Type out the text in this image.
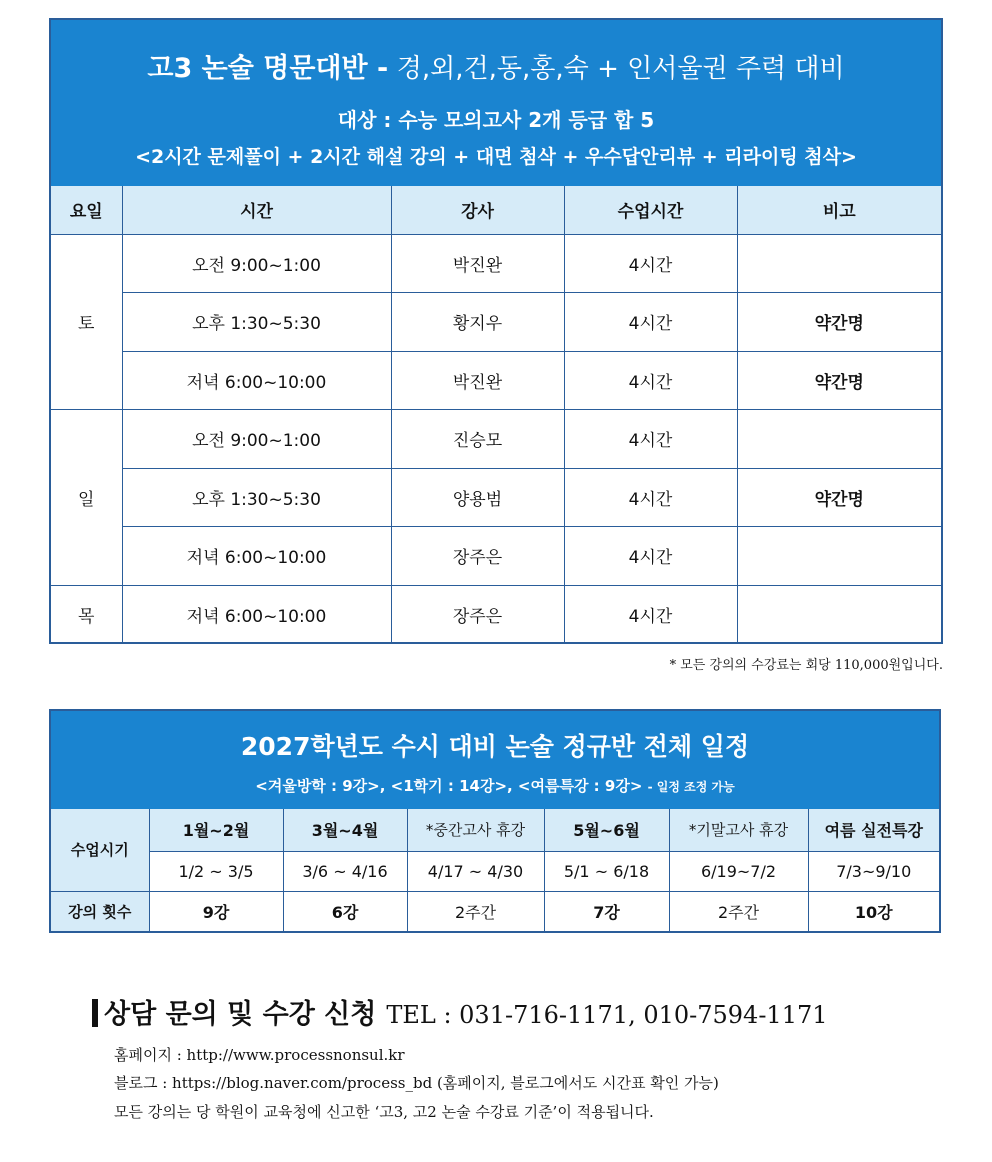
고3 논술 명문대반 - 경,외,건,동,홍,숙 + 인서울권 주력 대비
대상 : 수능 모의고사 2개 등급 합 5
<2시간 문제풀이 + 2시간 해설 강의 + 대면 첨삭 + 우수답안리뷰 + 리라이팅 첨삭>
요일	시간	강사	수업시간	비고
토	오전 9:00~1:00	박진완	4시간	
	오후 1:30~5:30	황지우	4시간	약간명
	저녁 6:00~10:00	박진완	4시간	약간명
일	오전 9:00~1:00	진승모	4시간	
	오후 1:30~5:30	양용범	4시간	약간명
	저녁 6:00~10:00	장주은	4시간	
목	저녁 6:00~10:00	장주은	4시간	
* 모든 강의의 수강료는 회당 110,000원입니다.
2027학년도 수시 대비 논술 정규반 전체 일정
<겨울방학 : 9강>, <1학기 : 14강>, <여름특강 : 9강> - 일정 조정 가능
수업시기	1월~2월	3월~4월	*중간고사 휴강	5월~6월	*기말고사 휴강	여름 실전특강
	1/2 ~ 3/5	3/6 ~ 4/16	4/17 ~ 4/30	5/1 ~ 6/18	6/19~7/2	7/3~9/10
강의 횟수	9강	6강	2주간	7강	2주간	10강
상담 문의 및 수강 신청 TEL : 031-716-1171, 010-7594-1171
홈페이지 : http://www.processnonsul.kr
블로그 : https://blog.naver.com/process_bd (홈페이지, 블로그에서도 시간표 확인 가능)
모든 강의는 당 학원이 교육청에 신고한 ‘고3, 고2 논술 수강료 기준’이 적용됩니다.
